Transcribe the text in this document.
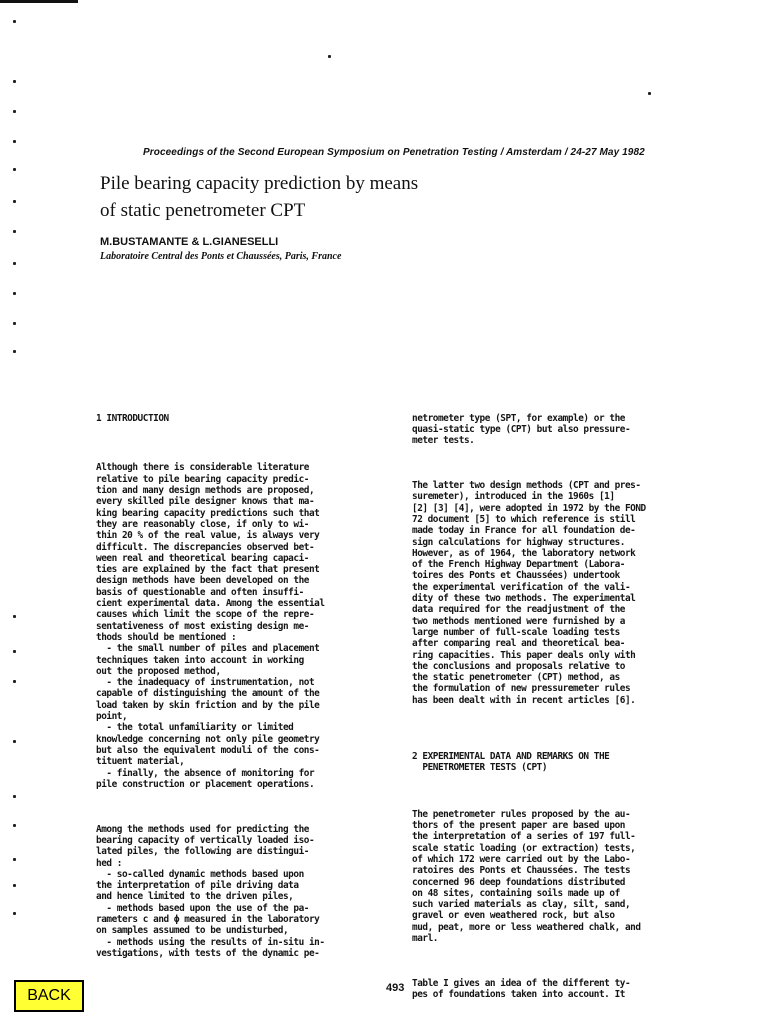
Proceedings of the Second European Symposium on Penetration Testing / Amsterdam / 24-27 May 1982
Pile bearing capacity prediction by means
of static penetrometer CPT
M.BUSTAMANTE & L.GIANESELLI
Laboratoire Central des Ponts et Chaussées, Paris, France

1 INTRODUCTION

Although there is considerable literature
relative to pile bearing capacity predic-
tion and many design methods are proposed,
every skilled pile designer knows that ma-
king bearing capacity predictions such that
they are reasonably close, if only to wi-
thin 20 % of the real value, is always very
difficult. The discrepancies observed bet-
ween real and theoretical bearing capaci-
ties are explained by the fact that present
design methods have been developed on the
basis of questionable and often insuffi-
cient experimental data. Among the essential
causes which limit the scope of the repre-
sentativeness of most existing design me-
thods should be mentioned :
- the small number of piles and placement
techniques taken into account in working
out the proposed method,
- the inadequacy of instrumentation, not
capable of distinguishing the amount of the
load taken by skin friction and by the pile
point,
- the total unfamiliarity or limited
knowledge concerning not only pile geometry
but also the equivalent moduli of the cons-
tituent material,
- finally, the absence of monitoring for
pile construction or placement operations.

Among the methods used for predicting the
bearing capacity of vertically loaded iso-
lated piles, the following are distingui-
hed :
- so-called dynamic methods based upon
the interpretation of pile driving data
and hence limited to the driven piles,
- methods based upon the use of the pa-
rameters c and ϕ measured in the laboratory
on samples assumed to be undisturbed,
- methods using the results of in-situ in-
vestigations, with tests of the dynamic pe-

netrometer type (SPT, for example) or the
quasi-static type (CPT) but also pressure-
meter tests.

The latter two design methods (CPT and pres-
suremeter), introduced in the 1960s [1]
[2] [3] [4], were adopted in 1972 by the FOND
72 document [5] to which reference is still
made today in France for all foundation de-
sign calculations for highway structures.
However, as of 1964, the laboratory network
of the French Highway Department (Labora-
toires des Ponts et Chaussées) undertook
the experimental verification of the vali-
dity of these two methods. The experimental
data required for the readjustment of the
two methods mentioned were furnished by a
large number of full-scale loading tests
after comparing real and theoretical bea-
ring capacities. This paper deals only with
the conclusions and proposals relative to
the static penetrometer (CPT) method, as
the formulation of new pressuremeter rules
has been dealt with in recent articles [6].

2 EXPERIMENTAL DATA AND REMARKS ON THE
PENETROMETER TESTS (CPT)

The penetrometer rules proposed by the au-
thors of the present paper are based upon
the interpretation of a series of 197 full-
scale static loading (or extraction) tests,
of which 172 were carried out by the Labo-
ratoires des Ponts et Chaussées. The tests
concerned 96 deep foundations distributed
on 48 sites, containing soils made up of
such varied materials as clay, silt, sand,
gravel or even weathered rock, but also
mud, peat, more or less weathered chalk, and
marl.

Table I gives an idea of the different ty-
pes of foundations taken into account. It

493
BACK
